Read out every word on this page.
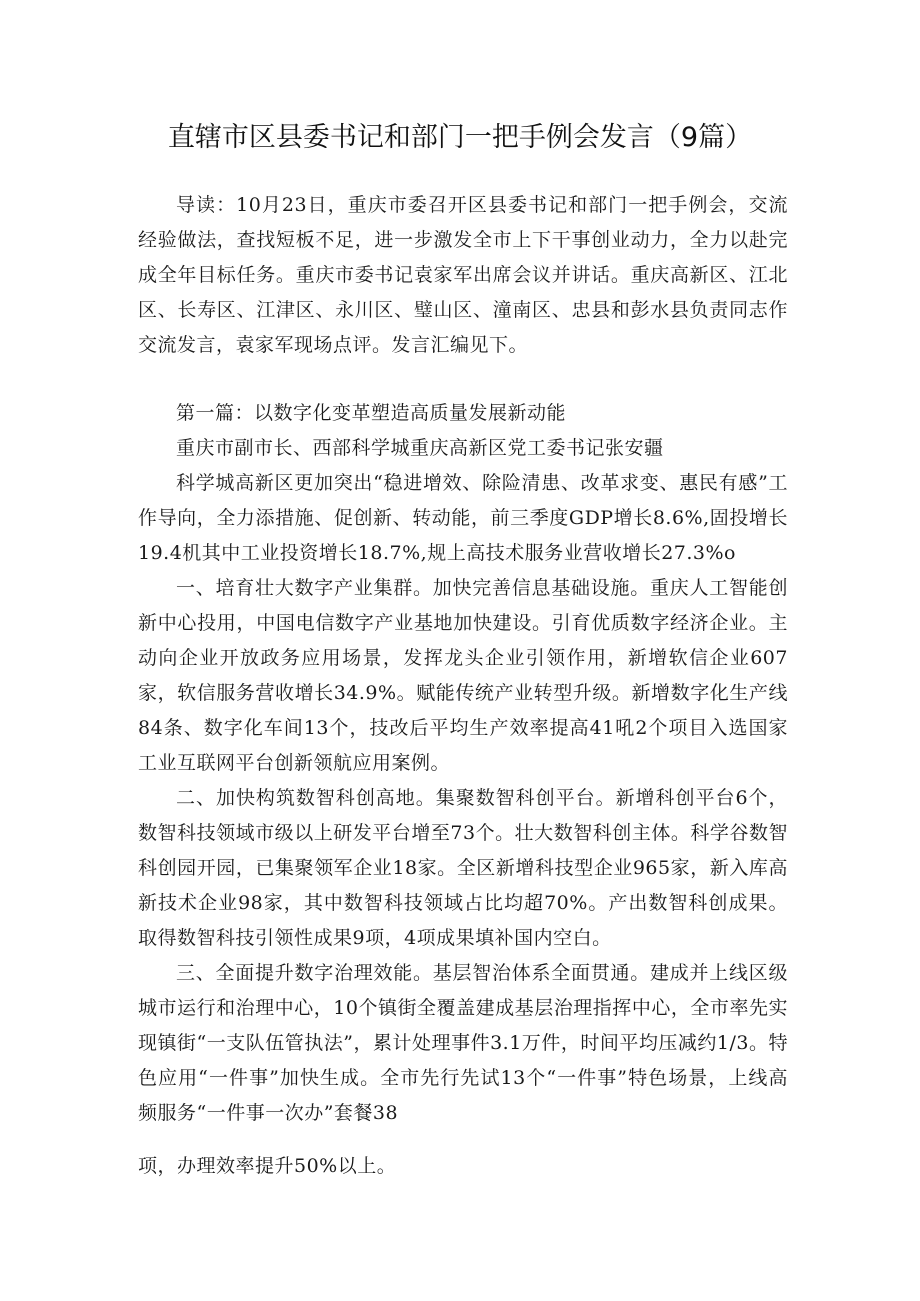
直辖市区县委书记和部门一把手例会发言（9篇）

导读：10月23日，重庆市委召开区县委书记和部门一把手例会，交流经验做法，查找短板不足，进一步激发全市上下干事创业动力，全力以赴完成全年目标任务。重庆市委书记袁家军出席会议并讲话。重庆高新区、江北区、长寿区、江津区、永川区、璧山区、潼南区、忠县和彭水县负责同志作交流发言，袁家军现场点评。发言汇编见下。

第一篇：以数字化变革塑造高质量发展新动能

重庆市副市长、西部科学城重庆高新区党工委书记张安疆

科学城高新区更加突出“稳进增效、除险清患、改革求变、惠民有感”工作导向，全力添措施、促创新、转动能，前三季度GDP增长8.6%,固投增长19.4机其中工业投资增长18.7%,规上高技术服务业营收增长27.3%o

一、培育壮大数字产业集群。加快完善信息基础设施。重庆人工智能创新中心投用，中国电信数字产业基地加快建设。引育优质数字经济企业。主动向企业开放政务应用场景，发挥龙头企业引领作用，新增软信企业607家，软信服务营收增长34.9%。赋能传统产业转型升级。新增数字化生产线84条、数字化车间13个，技改后平均生产效率提高41吼2个项目入选国家工业互联网平台创新领航应用案例。

二、加快构筑数智科创高地。集聚数智科创平台。新增科创平台6个，数智科技领域市级以上研发平台增至73个。壮大数智科创主体。科学谷数智科创园开园，已集聚领军企业18家。全区新增科技型企业965家，新入库高新技术企业98家，其中数智科技领域占比均超70%。产出数智科创成果。取得数智科技引领性成果9项，4项成果填补国内空白。

三、全面提升数字治理效能。基层智治体系全面贯通。建成并上线区级城市运行和治理中心，10个镇街全覆盖建成基层治理指挥中心，全市率先实现镇街“一支队伍管执法”，累计处理事件3.1万件，时间平均压减约1/3。特色应用“一件事”加快生成。全市先行先试13个“一件事”特色场景，上线高频服务“一件事一次办”套餐38

项，办理效率提升50%以上。
